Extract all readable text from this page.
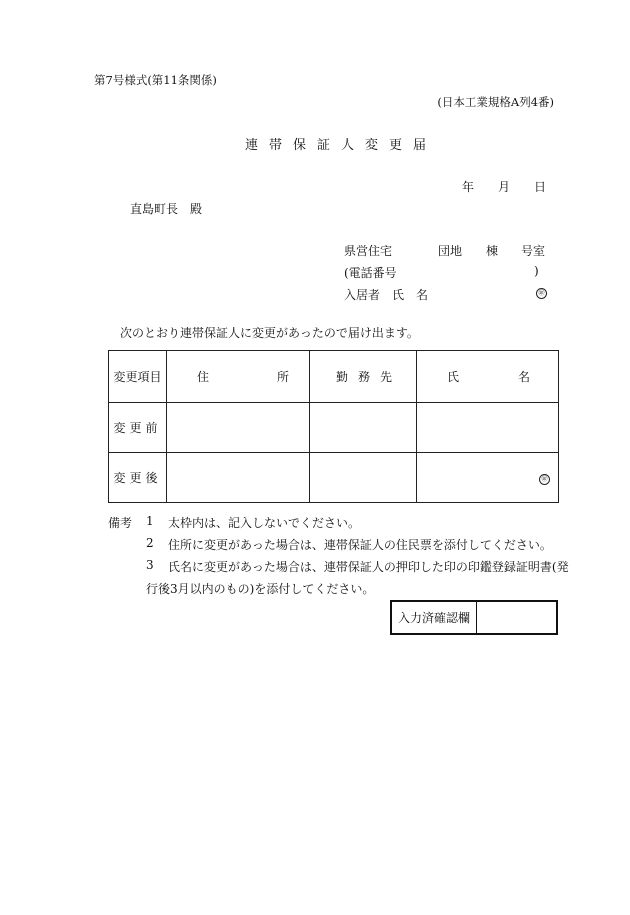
第7号様式(第11条関係)
(日本工業規格A列4番)
連帯保証人変更届
年 月 日
直島町長　殿
県営住宅	団地 棟 号室
(電話番号	)
入居者　氏　名	㊞
次のとおり連帯保証人に変更があったので届け出ます。
変更項目	住 所	勤 務 先	氏 名

変更前			
変更後			㊞
備考 1 太枠内は、記入しないでください。
2 住所に変更があった場合は、連帯保証人の住民票を添付してください。
3 氏名に変更があった場合は、連帯保証人の押印した印の印鑑登録証明書(発
行後3月以内のもの)を添付してください。
入力済確認欄
